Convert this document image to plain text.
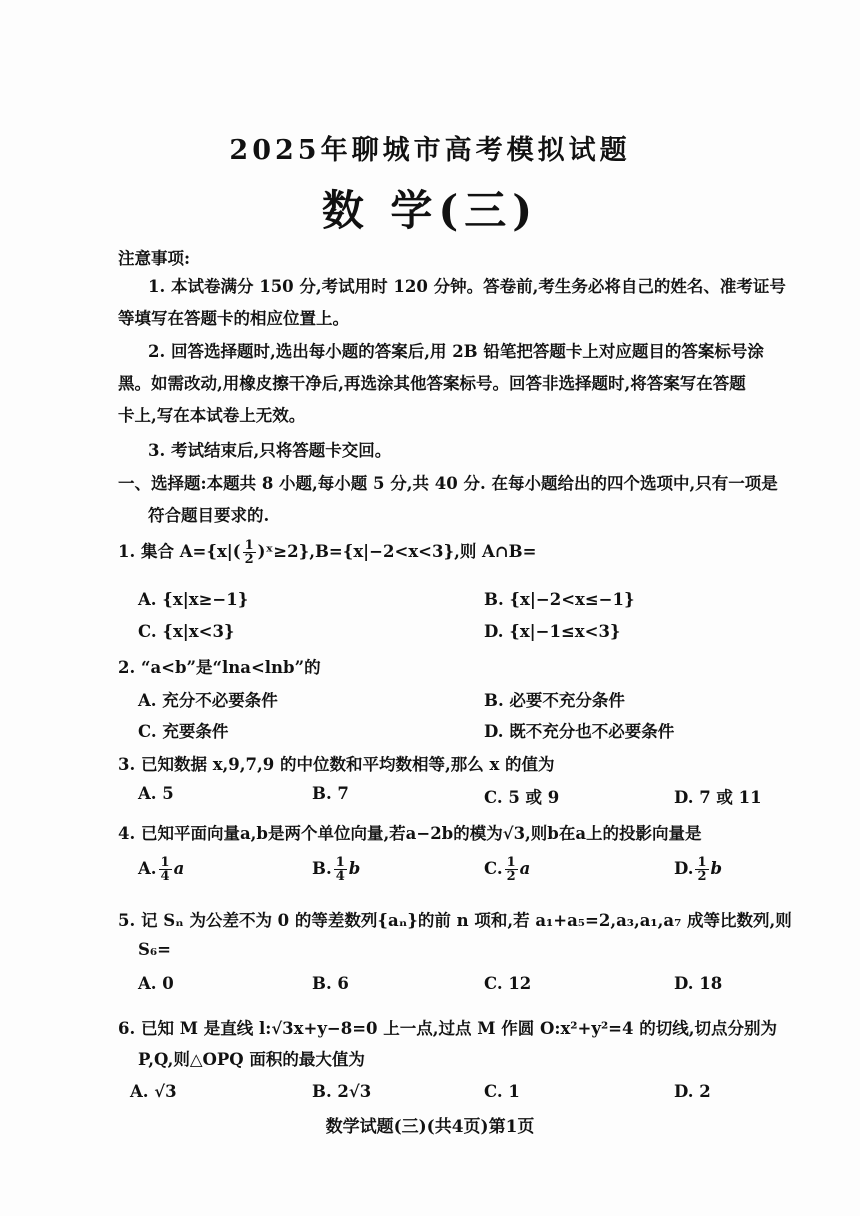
2025年聊城市高考模拟试题
数 学(三)
注意事项:
1. 本试卷满分 150 分,考试用时 120 分钟。答卷前,考生务必将自己的姓名、准考证号
等填写在答题卡的相应位置上。
2. 回答选择题时,选出每小题的答案后,用 2B 铅笔把答题卡上对应题目的答案标号涂
黑。如需改动,用橡皮擦干净后,再选涂其他答案标号。回答非选择题时,将答案写在答题
卡上,写在本试卷上无效。
3. 考试结束后,只将答题卡交回。
一、选择题:本题共 8 小题,每小题 5 分,共 40 分. 在每小题给出的四个选项中,只有一项是
符合题目要求的.
1. 集合 $A=\{x|( \frac{1}{2}$ )ˣ≥2},B={x|−2<x<3},则 A∩B=
A. {x|x≥−1}	B. {x|−2<x≤−1}
C. {x|x<3}	D. {x|−1≤x<3}
2. “a<b”是“lna<lnb”的
A. 充分不必要条件	B. 必要不充分条件
C. 充要条件	D. 既不充分也不必要条件
3. 已知数据 x,9,7,9 的中位数和平均数相等,那么 x 的值为
A. 5	B. 7	C. 5 或 9	D. 7 或 11
4. 已知平面向量a,b是两个单位向量,若a−2b的模为√3,则b在a上的投影向量是
A. $\frac{1}{4}$ a	B. $\frac{1}{4}$ b	C. $\frac{1}{2}$ a	D. $\frac{1}{2}$ b
5. 记 Sₙ 为公差不为 0 的等差数列{aₙ}的前 n 项和,若 a₁+a₅=2,a₃,a₁,a₇ 成等比数列,则
S₆=
A. 0	B. 6	C. 12	D. 18
6. 已知 M 是直线 l:√3x+y−8=0 上一点,过点 M 作圆 O:x²+y²=4 的切线,切点分别为
P,Q,则△OPQ 面积的最大值为
A. √3	B. 2√3	C. 1	D. 2
数学试题(三)(共4页)第1页
